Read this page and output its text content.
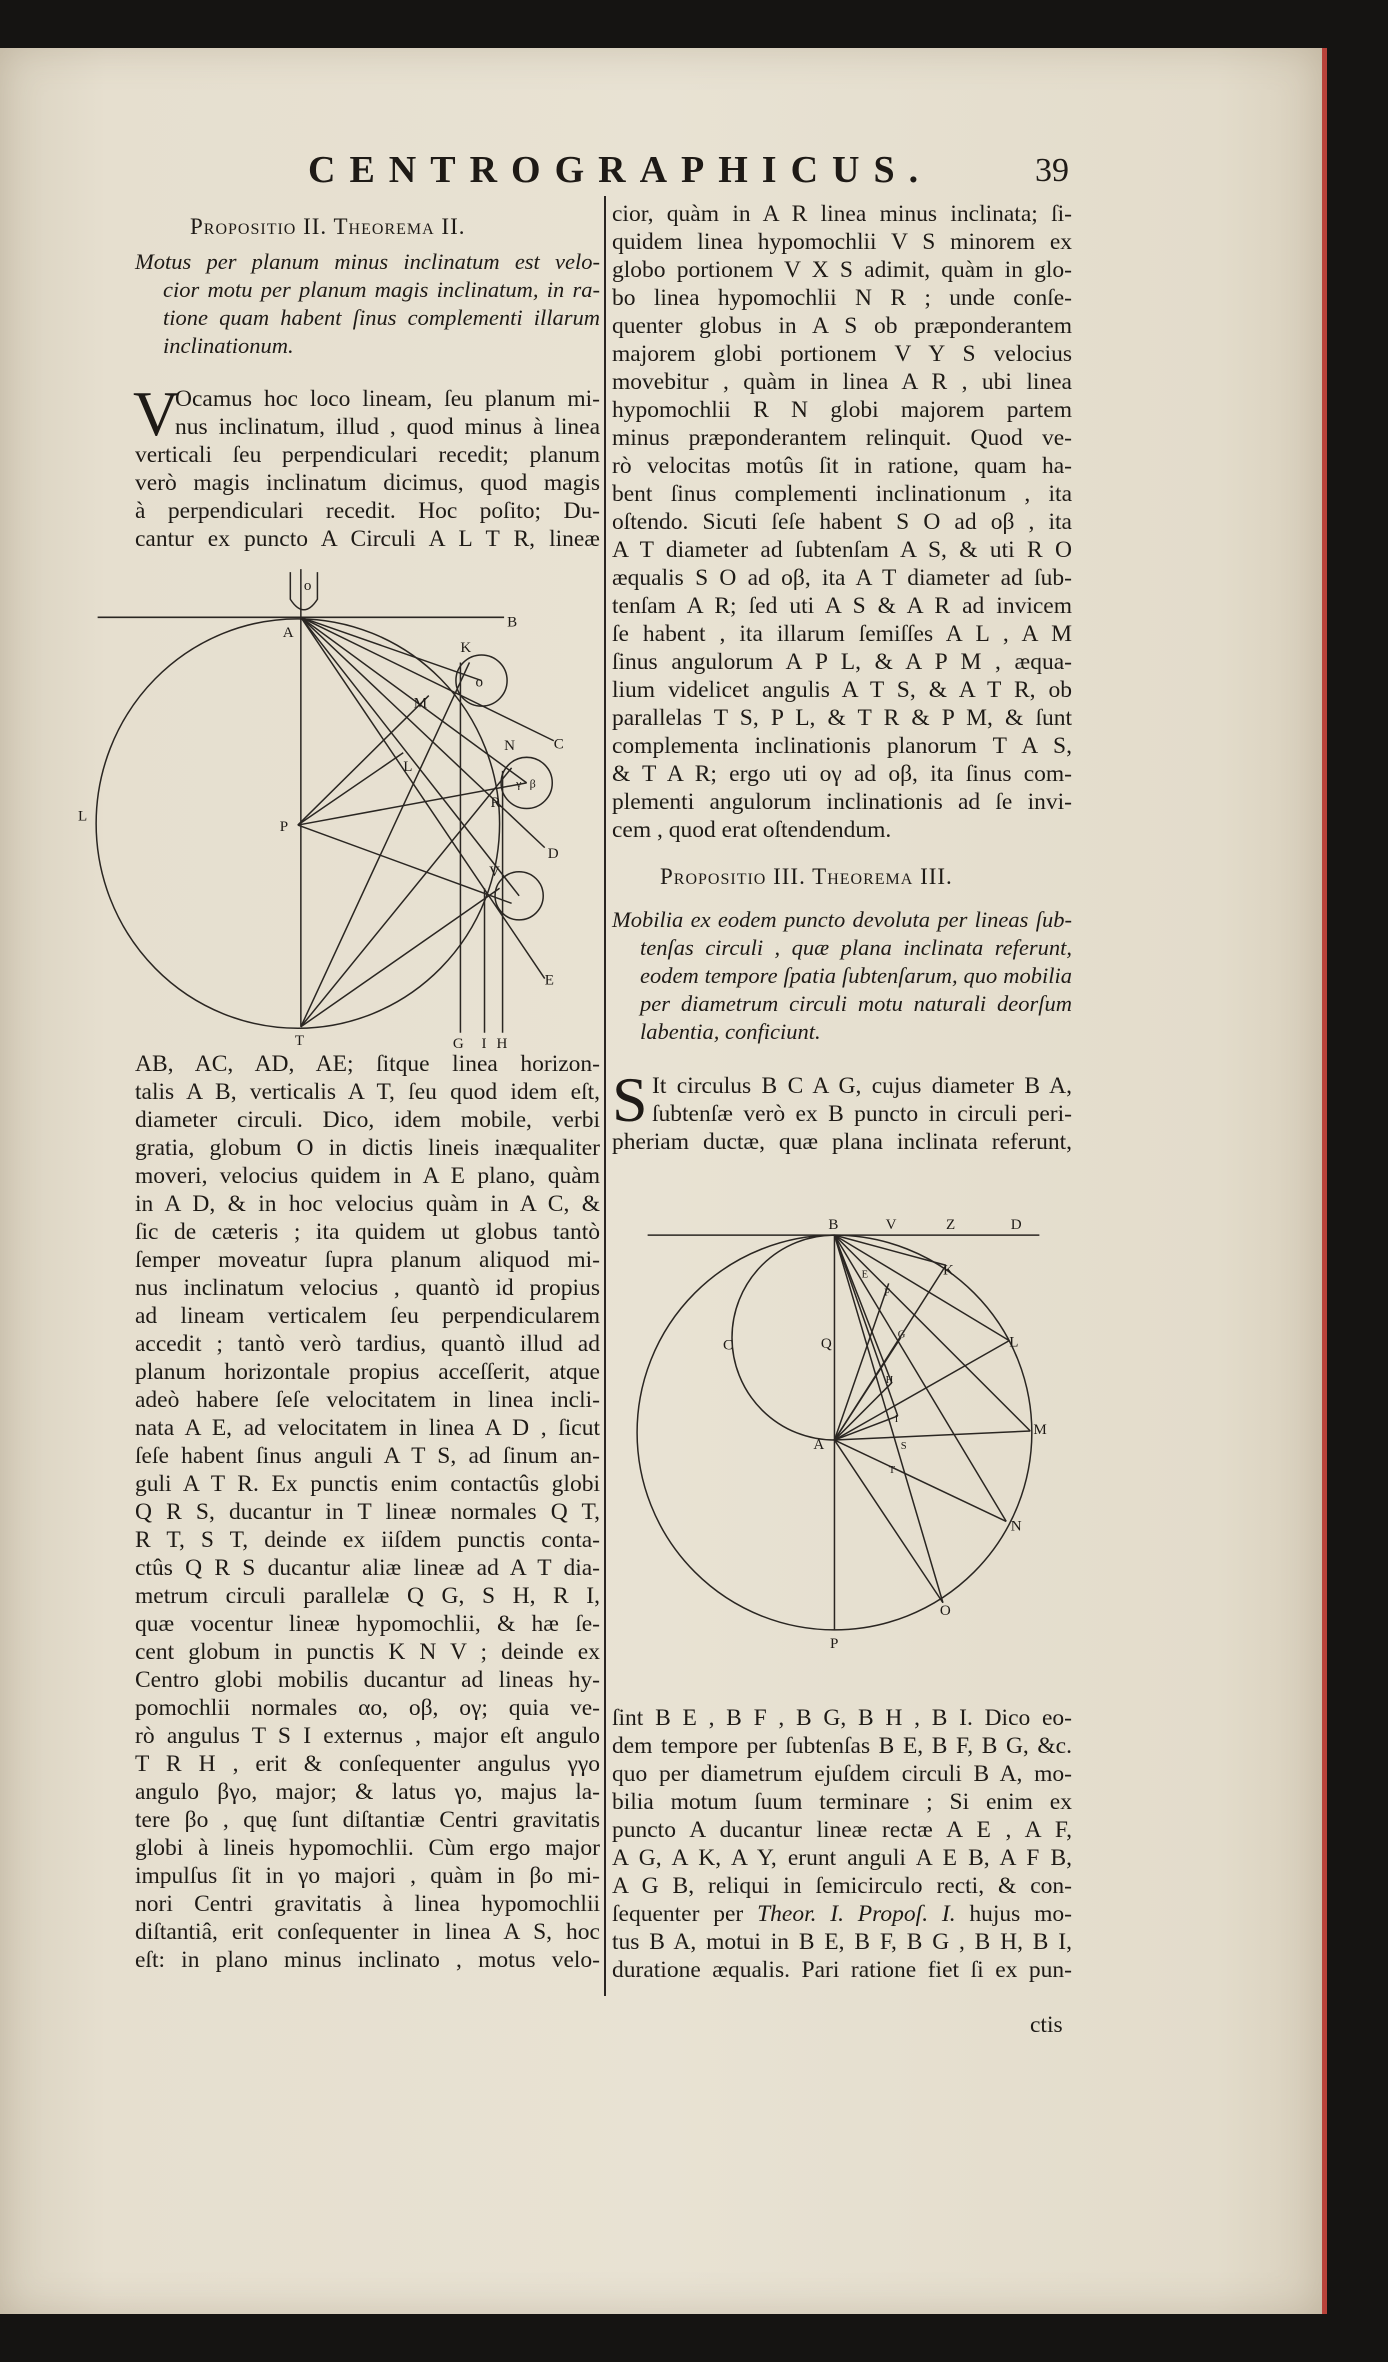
CENTROGRAPHICUS.	39
Propositio II. Theorema II.
Motus per planum minus inclinatum est velo-
cior motu per planum magis inclinatum, in ra-
tione quam habent ſinus complementi illarum
inclinationum.
V
Ocamus hoc loco lineam, ſeu planum mi-
nus inclinatum, illud , quod minus à linea
verticali ſeu perpendiculari recedit; planum
verò magis inclinatum dicimus, quod magis
à perpendiculari recedit. Hoc poſito; Du-
cantur ex puncto A Circuli A L T R, lineæ
o
A
B
K
o
M
L
N	C
R
P
D
V
E
T	G I H
L
γ β
AB, AC, AD, AE; ſitque linea horizon-
talis A B, verticalis A T, ſeu quod idem eſt,
diameter circuli. Dico, idem mobile, verbi
gratia, globum O in dictis lineis inæqualiter
moveri, velocius quidem in A E plano, quàm
in A D, & in hoc velocius quàm in A C, &
ſic de cæteris ; ita quidem ut globus tantò
ſemper moveatur ſupra planum aliquod mi-
nus inclinatum velocius , quantò id propius
ad lineam verticalem ſeu perpendicularem
accedit ; tantò verò tardius, quantò illud ad
planum horizontale propius acceſſerit, atque
adeò habere ſeſe velocitatem in linea incli-
nata A E, ad velocitatem in linea A D , ſicut
ſeſe habent ſinus anguli A T S, ad ſinum an-
guli A T R. Ex punctis enim contactûs globi
Q R S, ducantur in T lineæ normales Q T,
R T, S T, deinde ex iiſdem punctis conta-
ctûs Q R S ducantur aliæ lineæ ad A T dia-
metrum circuli parallelæ Q G, S H, R I,
quæ vocentur lineæ hypomochlii, & hæ ſe-
cent globum in punctis K N V ; deinde ex
Centro globi mobilis ducantur ad lineas hy-
pomochlii normales αο, οβ, ογ; quia ve-
rò angulus T S I externus , major eſt angulo
T R H , erit & conſequenter angulus γγο
angulo βγο, major; & latus γο, majus la-
tere βο , quę ſunt diſtantiæ Centri gravitatis
globi à lineis hypomochlii. Cùm ergo major
impulſus ſit in γο majori , quàm in βο mi-
nori Centri gravitatis à linea hypomochlii
diſtantiâ, erit conſequenter in linea A S, hoc
eſt: in plano minus inclinato , motus velo-
cior, quàm in A R linea minus inclinata; ſi-
quidem linea hypomochlii V S minorem ex
globo portionem V X S adimit, quàm in glo-
bo linea hypomochlii N R ; unde conſe-
quenter globus in A S ob præponderantem
majorem globi portionem V Y S velocius
movebitur , quàm in linea A R , ubi linea
hypomochlii R N globi majorem partem
minus præponderantem relinquit. Quod ve-
rò velocitas motûs ſit in ratione, quam ha-
bent ſinus complementi inclinationum , ita
oſtendo. Sicuti ſeſe habent S O ad οβ , ita
A T diameter ad ſubtenſam A S, & uti R O
æqualis S O ad οβ, ita A T diameter ad ſub-
tenſam A R; ſed uti A S & A R ad invicem
ſe habent , ita illarum ſemiſſes A L , A M
ſinus angulorum A P L, & A P M , æqua-
lium videlicet angulis A T S, & A T R, ob
parallelas T S, P L, & T R & P M, & ſunt
complementa inclinationis planorum T A S,
& T A R; ergo uti ογ ad οβ, ita ſinus com-
plementi angulorum inclinationis ad ſe invi-
cem , quod erat oſtendendum.
Propositio III. Theorema III.
Mobilia ex eodem puncto devoluta per lineas ſub-
tenſas circuli , quæ plana inclinata referunt,
eodem tempore ſpatia ſubtenſarum, quo mobilia
per diametrum circuli motu naturali deorſum
labentia, conficiunt.
S It circulus B C A G, cujus diameter B A,
ſubtenſæ verò ex B puncto in circuli peri-
pheriam ductæ, quæ plana inclinata referunt,
B	V	Z	D
K
L
M
N
O
P
C
A
Q
E
F
G
H
I
S
T
ſint B E , B F , B G, B H , B I. Dico eo-
dem tempore per ſubtenſas B E, B F, B G, &c.
quo per diametrum ejuſdem circuli B A, mo-
bilia motum ſuum terminare ; Si enim ex
puncto A ducantur lineæ rectæ A E , A F,
A G, A K, A Y, erunt anguli A E B, A F B,
A G B, reliqui in ſemicirculo recti, & con-
ſequenter per Theor. I. Propoſ. I. hujus mo-
tus B A, motui in B E, B F, B G , B H, B I,
duratione æqualis. Pari ratione fiet ſi ex pun-
ctis
